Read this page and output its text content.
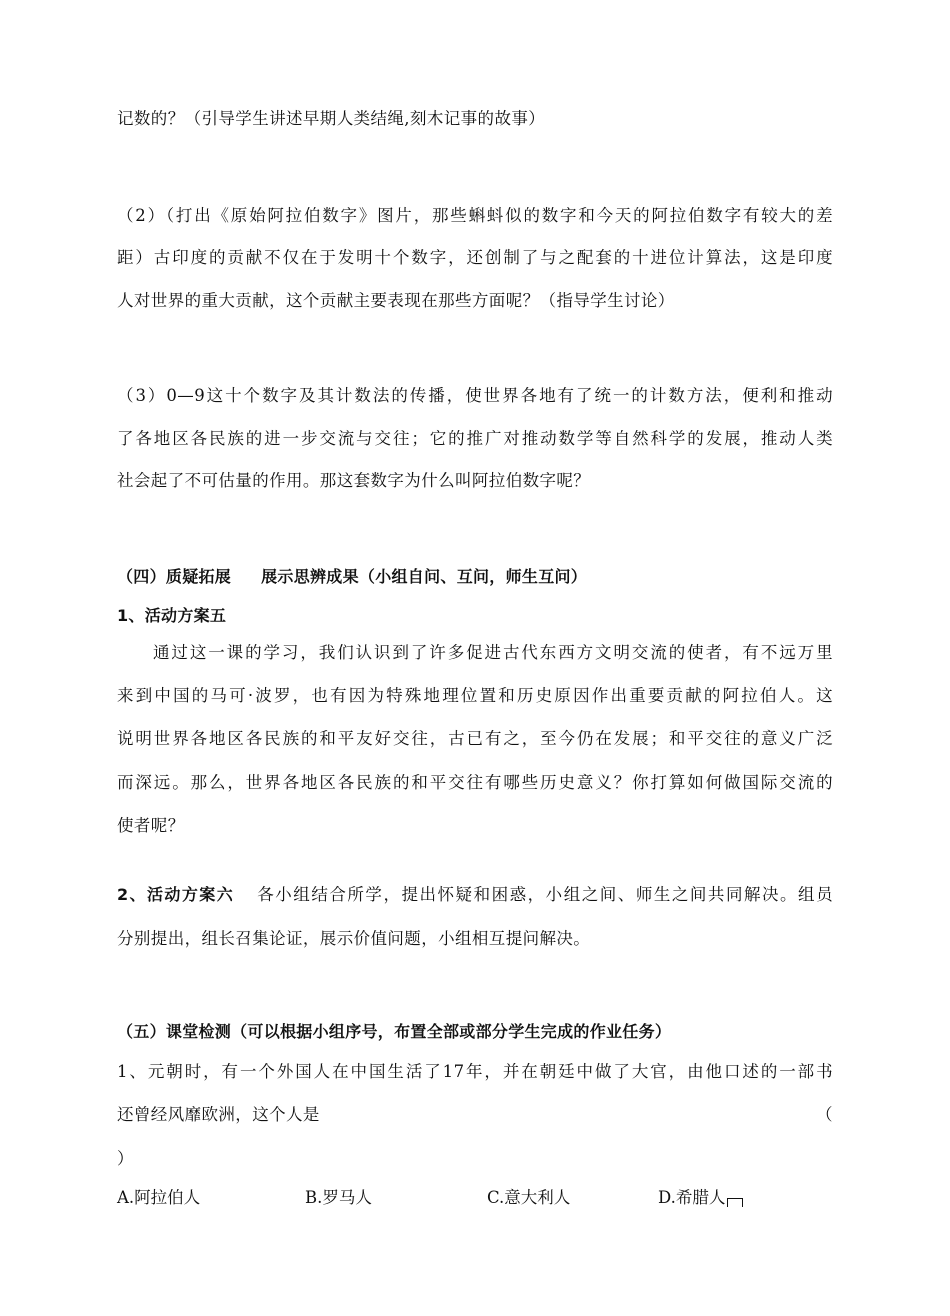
记数的？（引导学生讲述早期人类结绳,刻木记事的故事）
（2）（打出《原始阿拉伯数字》图片，那些蝌蚪似的数字和今天的阿拉伯数字有较大的差
距）古印度的贡献不仅在于发明十个数字，还创制了与之配套的十进位计算法，这是印度
人对世界的重大贡献，这个贡献主要表现在那些方面呢？（指导学生讨论）
（3）0—9这十个数字及其计数法的传播，使世界各地有了统一的计数方法，便利和推动
了各地区各民族的进一步交流与交往；它的推广对推动数学等自然科学的发展，推动人类
社会起了不可估量的作用。那这套数字为什么叫阿拉伯数字呢？
（四）质疑拓展 展示思辨成果（小组自问、互问，师生互问）
1、活动方案五
通过这一课的学习，我们认识到了许多促进古代东西方文明交流的使者，有不远万里
来到中国的马可·波罗，也有因为特殊地理位置和历史原因作出重要贡献的阿拉伯人。这
说明世界各地区各民族的和平友好交往，古已有之，至今仍在发展；和平交往的意义广泛
而深远。那么，世界各地区各民族的和平交往有哪些历史意义？你打算如何做国际交流的
使者呢？
2、活动方案六 各小组结合所学，提出怀疑和困惑，小组之间、师生之间共同解决。组员
分别提出，组长召集论证，展示价值问题，小组相互提问解决。
（五）课堂检测（可以根据小组序号，布置全部或部分学生完成的作业任务）
1、元朝时，有一个外国人在中国生活了17年，并在朝廷中做了大官，由他口述的一部书
还曾经风靡欧洲，这个人是	（
）
A.阿拉伯人	B.罗马人	C.意大利人	D.希腊人
